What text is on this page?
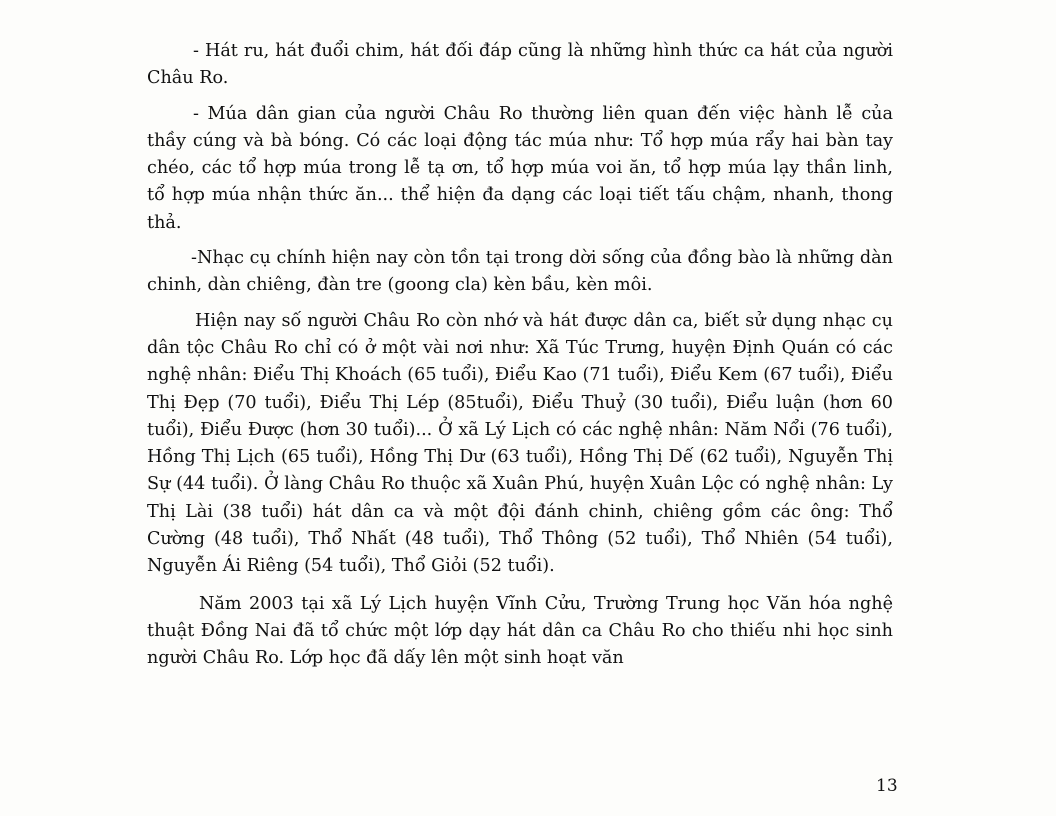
- Hát ru, hát đuổi chim, hát đối đáp cũng là những hình thức ca hát của người Châu Ro.

- Múa dân gian của người Châu Ro thường liên quan đến việc hành lễ của thầy cúng và bà bóng. Có các loại động tác múa như: Tổ hợp múa rẩy hai bàn tay chéo, các tổ hợp múa trong lễ tạ ơn, tổ hợp múa voi ăn, tổ hợp múa lạy thần linh, tổ hợp múa nhận thức ăn... thể hiện đa dạng các loại tiết tấu chậm, nhanh, thong thả.

-Nhạc cụ chính hiện nay còn tồn tại trong dời sống của đồng bào là những dàn chinh, dàn chiêng, đàn tre (goong cla) kèn bầu, kèn môi.

Hiện nay số người Châu Ro còn nhớ và hát được dân ca, biết sử dụng nhạc cụ dân tộc Châu Ro chỉ có ở một vài nơi như: Xã Túc Trưng, huyện Định Quán có các nghệ nhân: Điểu Thị Khoách (65 tuổi), Điểu Kao (71 tuổi), Điểu Kem (67 tuổi), Điểu Thị Đẹp (70 tuổi), Điểu Thị Lép (85tuổi), Điểu Thuỷ (30 tuổi), Điểu luận (hơn 60 tuổi), Điểu Được (hơn 30 tuổi)... Ở xã Lý Lịch có các nghệ nhân: Năm Nổi (76 tuổi), Hồng Thị Lịch (65 tuổi), Hồng Thị Dư (63 tuổi), Hồng Thị Dế (62 tuổi), Nguyễn Thị Sự (44 tuổi). Ở làng Châu Ro thuộc xã Xuân Phú, huyện Xuân Lộc có nghệ nhân: Ly Thị Lài (38 tuổi) hát dân ca và một đội đánh chinh, chiêng gồm các ông: Thổ Cường (48 tuổi), Thổ Nhất (48 tuổi), Thổ Thông (52 tuổi), Thổ Nhiên (54 tuổi), Nguyễn Ái Riêng (54 tuổi), Thổ Giỏi (52 tuổi).

Năm 2003 tại xã Lý Lịch huyện Vĩnh Cửu, Trường Trung học Văn hóa nghệ thuật Đồng Nai đã tổ chức một lớp dạy hát dân ca Châu Ro cho thiếu nhi học sinh người Châu Ro. Lớp học đã dấy lên một sinh hoạt văn

13
